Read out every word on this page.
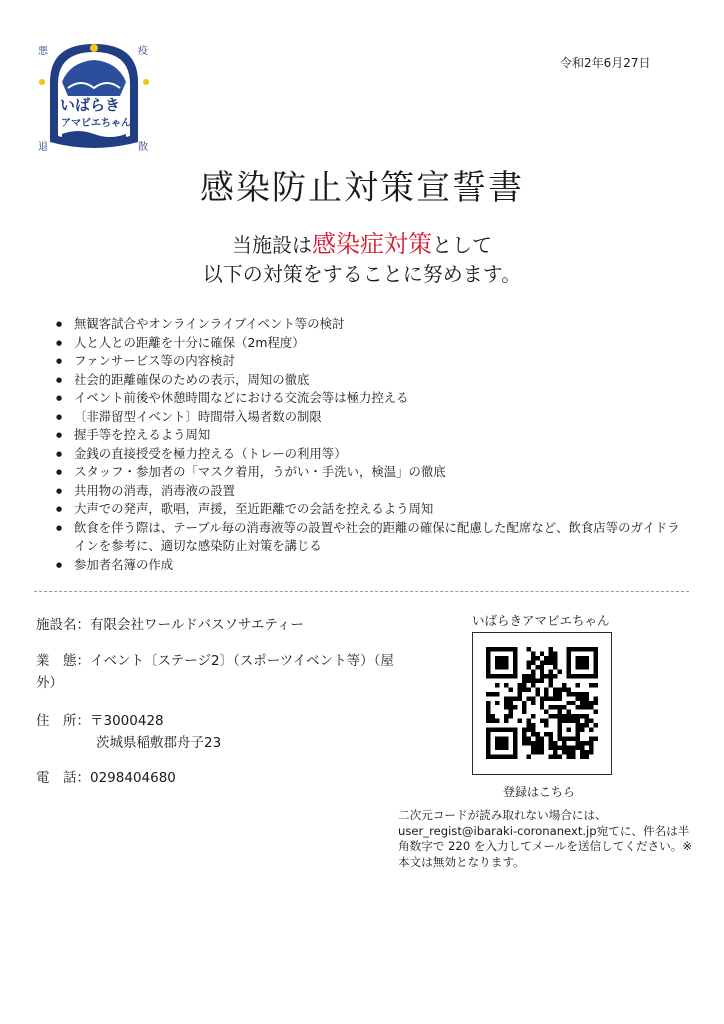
悪	疫
退	散
いばらき
アマビエちゃん
令和2年6月27日
感染防止対策宣誓書
当施設は感染症対策として
以下の対策をすることに努めます。
● 無観客試合やオンラインライブイベント等の検討
● 人と人との距離を十分に確保（2m程度）
● ファンサービス等の内容検討
● 社会的距離確保のための表示，周知の徹底
● イベント前後や休憩時間などにおける交流会等は極力控える
● 〔非滞留型イベント〕時間帯入場者数の制限
● 握手等を控えるよう周知
● 金銭の直接授受を極力控える（トレーの利用等）
● スタッフ・参加者の「マスク着用，うがい・手洗い，検温」の徹底
● 共用物の消毒，消毒液の設置
● 大声での発声，歌唱，声援，至近距離での会話を控えるよう周知
● 飲食を伴う際は、テーブル毎の消毒液等の設置や社会的距離の確保に配慮した配席など、飲食店等のガイドラインを参考に、適切な感染防止対策を講じる
● 参加者名簿の作成
施設名：有限会社ワールドバスソサエティー
業　態：イベント〔ステージ2〕（スポーツイベント等）（屋外）
住　所：〒3000428
茨城県稲敷郡舟子23
電　話：0298404680
いばらきアマビエちゃん
登録はこちら
二次元コードが読み取れない場合には、user_regist@ibaraki-coronanext.jp宛てに、件名は半角数字で 220 を入力してメールを送信してください。※本文は無効となります。
